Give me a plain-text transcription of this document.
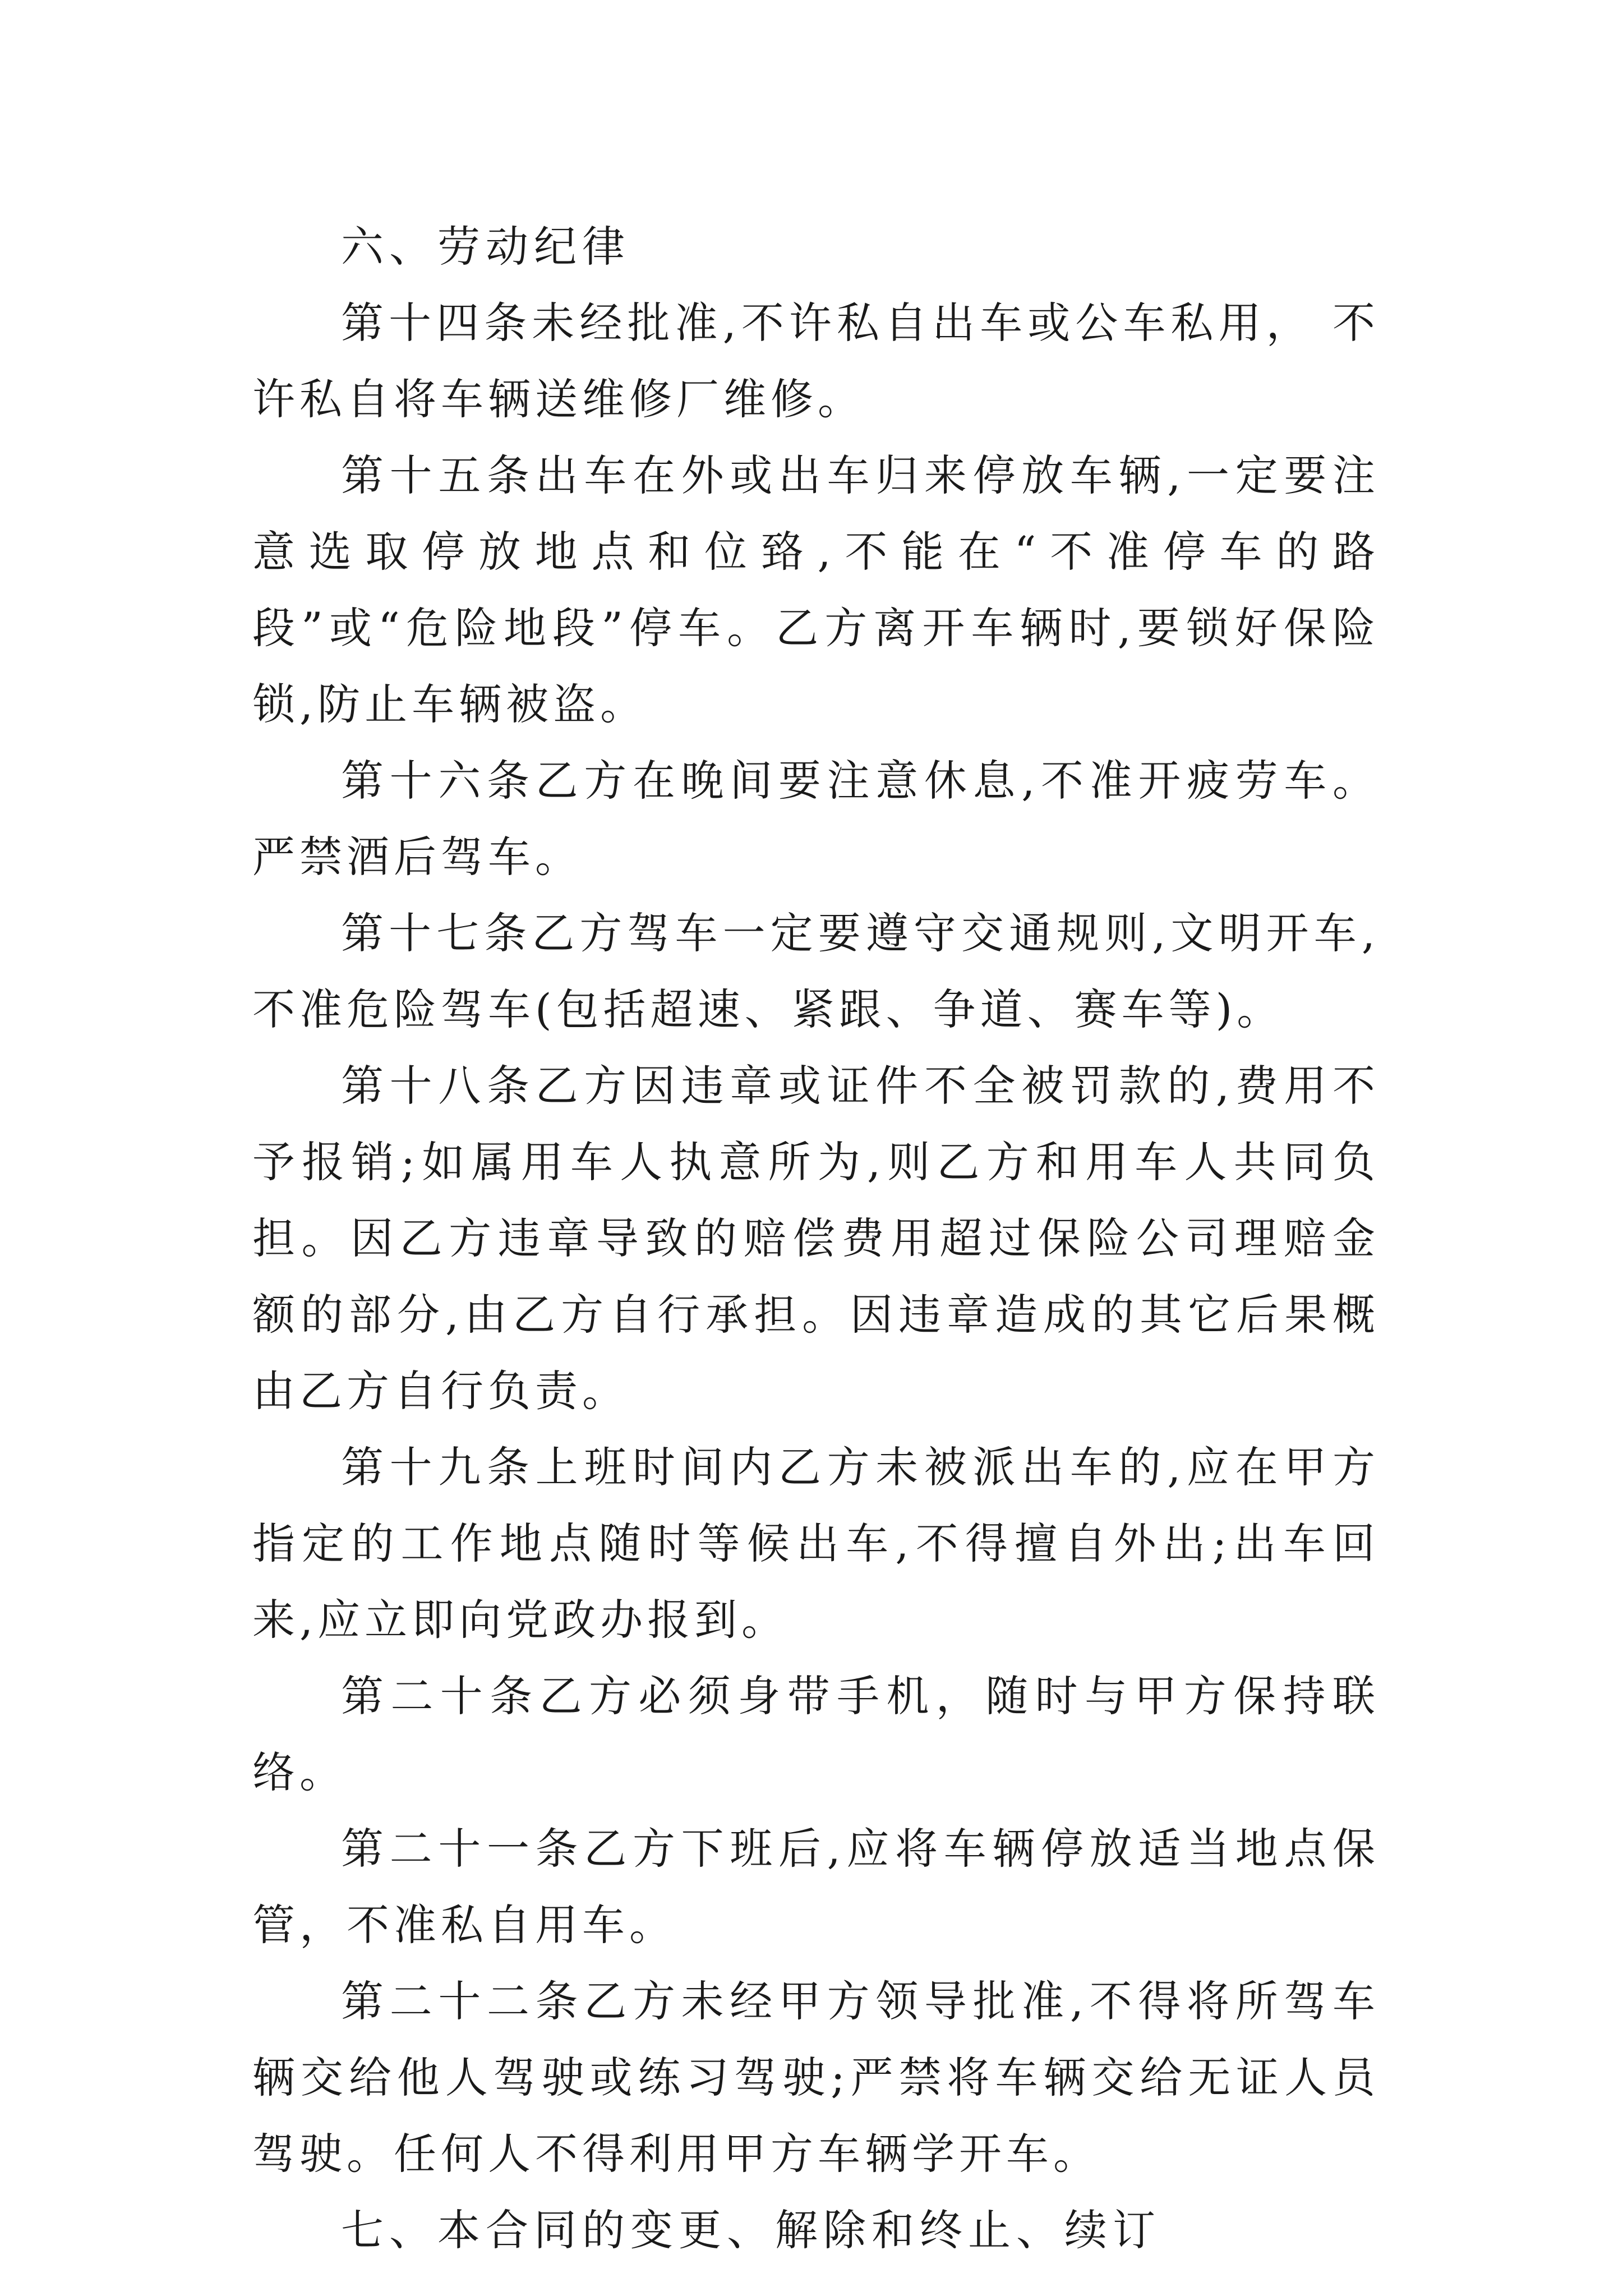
六、劳动纪律

第十四条未经批准,不许私自出车或公车私用， 不许私自将车辆送维修厂维修。

第十五条出车在外或出车归来停放车辆,一定要注意选取停放地点和位臵,不能在“不准停车的路段”或“危险地段”停车。乙方离开车辆时,要锁好保险锁,防止车辆被盗。

第十六条乙方在晚间要注意休息,不准开疲劳车。严禁酒后驾车。

第十七条乙方驾车一定要遵守交通规则,文明开车,不准危险驾车(包括超速、紧跟、争道、赛车等)。

第十八条乙方因违章或证件不全被罚款的,费用不予报销;如属用车人执意所为,则乙方和用车人共同负担。因乙方违章导致的赔偿费用超过保险公司理赔金额的部分,由乙方自行承担。因违章造成的其它后果概由乙方自行负责。

第十九条上班时间内乙方未被派出车的,应在甲方指定的工作地点随时等候出车,不得擅自外出;出车回来,应立即向党政办报到。

第二十条乙方必须身带手机，随时与甲方保持联络。

第二十一条乙方下班后,应将车辆停放适当地点保管，不准私自用车。

第二十二条乙方未经甲方领导批准,不得将所驾车辆交给他人驾驶或练习驾驶;严禁将车辆交给无证人员驾驶。任何人不得利用甲方车辆学开车。

七、本合同的变更、解除和终止、续订
